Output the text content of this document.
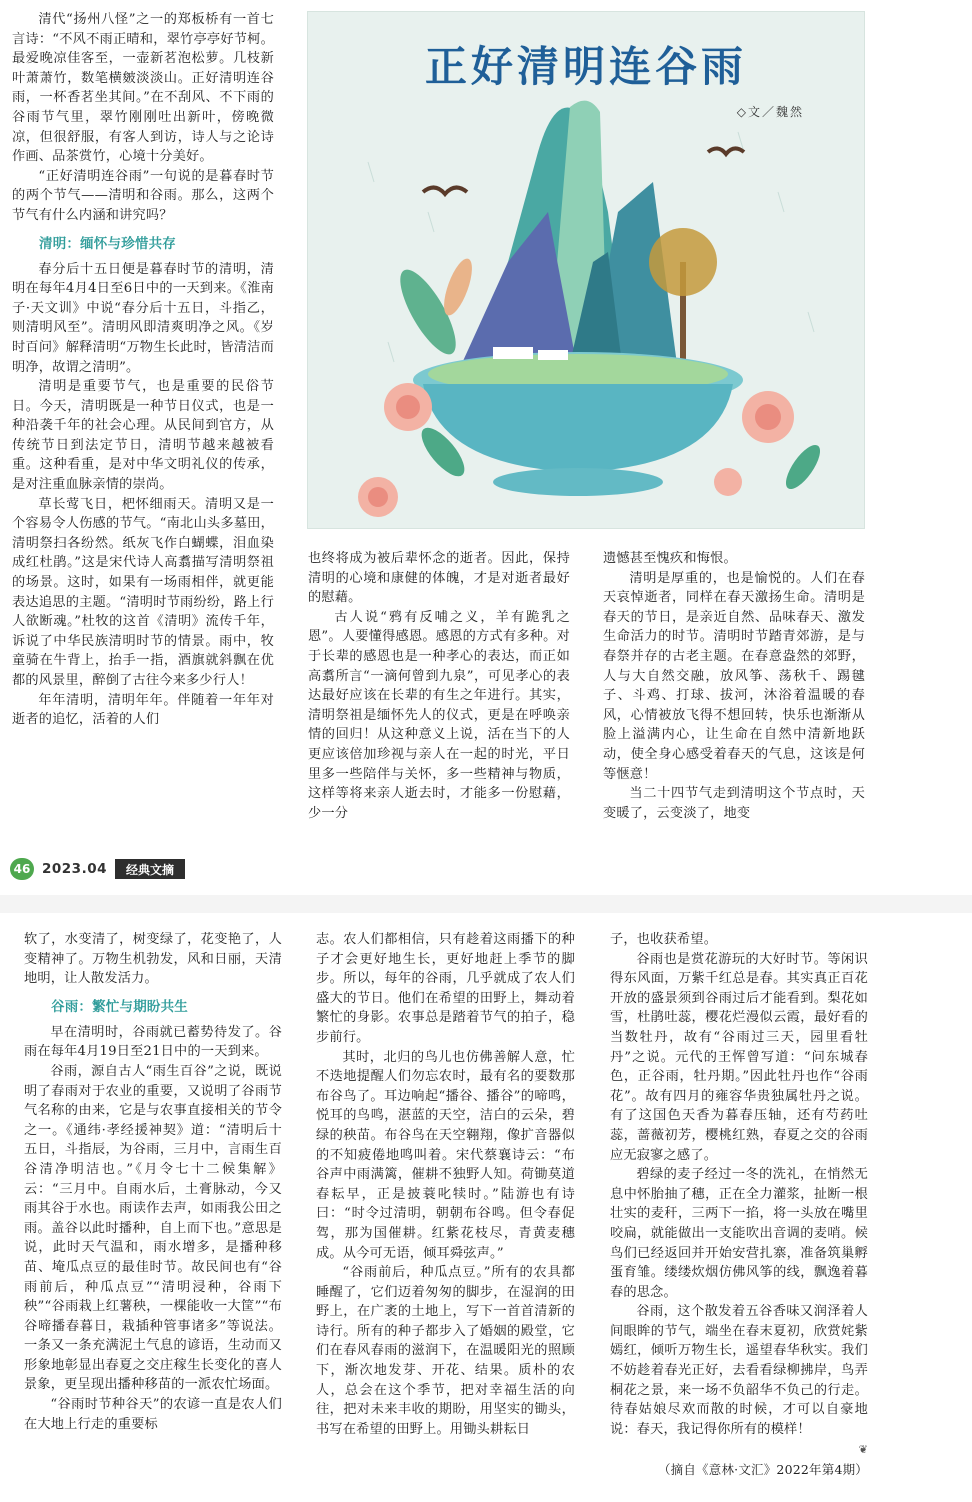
清代“扬州八怪”之一的郑板桥有一首七言诗：“不风不雨正晴和，翠竹亭亭好节柯。最爱晚凉佳客至，一壶新茗泡松萝。几枝新叶萧萧竹，数笔横皴淡淡山。正好清明连谷雨，一杯香茗坐其间。”在不刮风、不下雨的谷雨节气里，翠竹刚刚吐出新叶，傍晚微凉，但很舒服，有客人到访，诗人与之论诗作画、品茶赏竹，心境十分美好。

“正好清明连谷雨”一句说的是暮春时节的两个节气——清明和谷雨。那么，这两个节气有什么内涵和讲究吗？

清明：缅怀与珍惜共存

春分后十五日便是暮春时节的清明，清明在每年4月4日至6日中的一天到来。《淮南子·天文训》中说“春分后十五日，斗指乙，则清明风至”。清明风即清爽明净之风。《岁时百问》解释清明“万物生长此时，皆清洁而明净，故谓之清明”。

清明是重要节气，也是重要的民俗节日。今天，清明既是一种节日仪式，也是一种沿袭千年的社会心理。从民间到官方，从传统节日到法定节日，清明节越来越被看重。这种看重，是对中华文明礼仪的传承，是对注重血脉亲情的崇尚。

草长莺飞日，杷怀细雨天。清明又是一个容易令人伤感的节气。“南北山头多墓田，清明祭扫各纷然。纸灰飞作白蝴蝶，泪血染成红杜鹃。”这是宋代诗人高翥描写清明祭祖的场景。这时，如果有一场雨相伴，就更能表达追思的主题。“清明时节雨纷纷，路上行人欲断魂。”杜牧的这首《清明》流传千年，诉说了中华民族清明时节的情景。雨中，牧童骑在牛背上，抬手一指，酒旗就斜飘在优都的风景里，醉倒了古往今来多少行人！

年年清明，清明年年。伴随着一年年对逝者的追忆，活着的人们

正好清明连谷雨
◇文／魏然

也终将成为被后辈怀念的逝者。因此，保持清明的心境和康健的体魄，才是对逝者最好的慰藉。

古人说“鸦有反哺之义，羊有跪乳之恩”。人要懂得感恩。感恩的方式有多种。对于长辈的感恩也是一种孝心的表达，而正如高翥所言“一滴何曾到九泉”，可见孝心的表达最好应该在长辈的有生之年进行。其实，清明祭祖是缅怀先人的仪式，更是在呼唤亲情的回归！从这种意义上说，活在当下的人更应该倍加珍视与亲人在一起的时光，平日里多一些陪伴与关怀，多一些精神与物质，这样等将来亲人逝去时，才能多一份慰藉，少一分

遗憾甚至愧疚和悔恨。

清明是厚重的，也是愉悦的。人们在春天哀悼逝者，同样在春天激扬生命。清明是春天的节日，是亲近自然、品味春天、激发生命活力的时节。清明时节踏青郊游，是与春祭并存的古老主题。在春意盎然的郊野，人与大自然交融，放风筝、荡秋千、踢毽子、斗鸡、打球、拔河，沐浴着温暖的春风，心情被放飞得不想回转，快乐也渐渐从脸上溢满内心，让生命在自然中清新地跃动，使全身心感受着春天的气息，这该是何等惬意！

当二十四节气走到清明这个节点时，天变暖了，云变淡了，地变

46 2023.04	经典文摘

软了，水变清了，树变绿了，花变艳了，人变精神了。万物生机勃发，风和日丽，天清地明，让人散发活力。

谷雨：繁忙与期盼共生

早在清明时，谷雨就已蓄势待发了。谷雨在每年4月19日至21日中的一天到来。

谷雨，源自古人“雨生百谷”之说，既说明了春雨对于农业的重要，又说明了谷雨节气名称的由来，它是与农事直接相关的节令之一。《通纬·孝经援神契》道：“清明后十五日，斗指辰，为谷雨，三月中，言雨生百谷清净明洁也。”《月令七十二候集解》云：“三月中。自雨水后，土膏脉动，今又雨其谷于水也。雨读作去声，如雨我公田之雨。盖谷以此时播种，自上而下也。”意思是说，此时天气温和，雨水增多，是播种移苗、埯瓜点豆的最佳时节。故民间也有“谷雨前后，种瓜点豆”“清明浸种，谷雨下秧”“谷雨栽上红薯秧，一棵能收一大筐”“布谷啼播春暮日，栽插种管事诸多”等说法。一条又一条充满泥土气息的谚语，生动而又形象地彰显出春夏之交庄稼生长变化的喜人景象，更呈现出播种移苗的一派农忙场面。

“谷雨时节种谷天”的农谚一直是农人们在大地上行走的重要标

志。农人们都相信，只有趁着这雨播下的种子才会更好地生长，更好地赶上季节的脚步。所以，每年的谷雨，几乎就成了农人们盛大的节日。他们在希望的田野上，舞动着繁忙的身影。农事总是踏着节气的拍子，稳步前行。

其时，北归的鸟儿也仿佛善解人意，忙不迭地提醒人们勿忘农时，最有名的要数那布谷鸟了。耳边响起“播谷、播谷”的啼鸣，悦耳的鸟鸣，湛蓝的天空，洁白的云朵，碧绿的秧苗。布谷鸟在天空翱翔，像扩音器似的不知疲倦地鸣叫着。宋代蔡襄诗云：“布谷声中雨满篱，催耕不独野人知。荷锄莫道春耘早，正是披蓑叱犊时。”陆游也有诗曰：“时令过清明，朝朝布谷鸣。但令春促驾，那为国催耕。红紫花枝尽，青黄麦穗成。从今可无语，倾耳舜弦声。”

“谷雨前后，种瓜点豆。”所有的农具都睡醒了，它们迈着匆匆的脚步，在湿润的田野上，在广袤的土地上，写下一首首清新的诗行。所有的种子都步入了婚姻的殿堂，它们在春风春雨的滋润下，在温暖阳光的照顾下，渐次地发芽、开花、结果。质朴的农人，总会在这个季节，把对幸福生活的向往，把对未来丰收的期盼，用坚实的锄头，书写在希望的田野上。用锄头耕耘日

子，也收获希望。

谷雨也是赏花游玩的大好时节。等闲识得东风面，万紫千红总是春。其实真正百花开放的盛景须到谷雨过后才能看到。梨花如雪，杜鹃吐蕊，樱花烂漫似云霞，最好看的当数牡丹，故有“谷雨过三天，园里看牡丹”之说。元代的王恽曾写道：“问东城春色，正谷雨，牡丹期。”因此牡丹也作“谷雨花”。故有四月的雍容华贵独属牡丹之说。有了这国色天香为暮春压轴，还有芍药吐蕊，蔷薇初芳，樱桃红熟，春夏之交的谷雨应无寂寥之感了。

碧绿的麦子经过一冬的洗礼，在悄然无息中怀胎抽了穗，正在全力灌浆，扯断一根壮实的麦秆，三两下一掐，将一头放在嘴里咬扁，就能做出一支能吹出音调的麦哨。候鸟们已经返回并开始安营扎寨，准备筑巢孵蛋育雏。缕缕炊烟仿佛风筝的线，飘逸着暮春的思念。

谷雨，这个散发着五谷香味又润泽着人间眼眸的节气，端坐在春末夏初，欣赏姹紫嫣红，倾听万物生长，遥望春华秋实。我们不妨趁着春光正好，去看看绿柳拂岸，鸟弄桐花之景，来一场不负韶华不负己的行走。待春姑娘尽欢而散的时候，才可以自豪地说：春天，我记得你所有的模样！

❦
（摘自《意林·文汇》2022年第4期）
